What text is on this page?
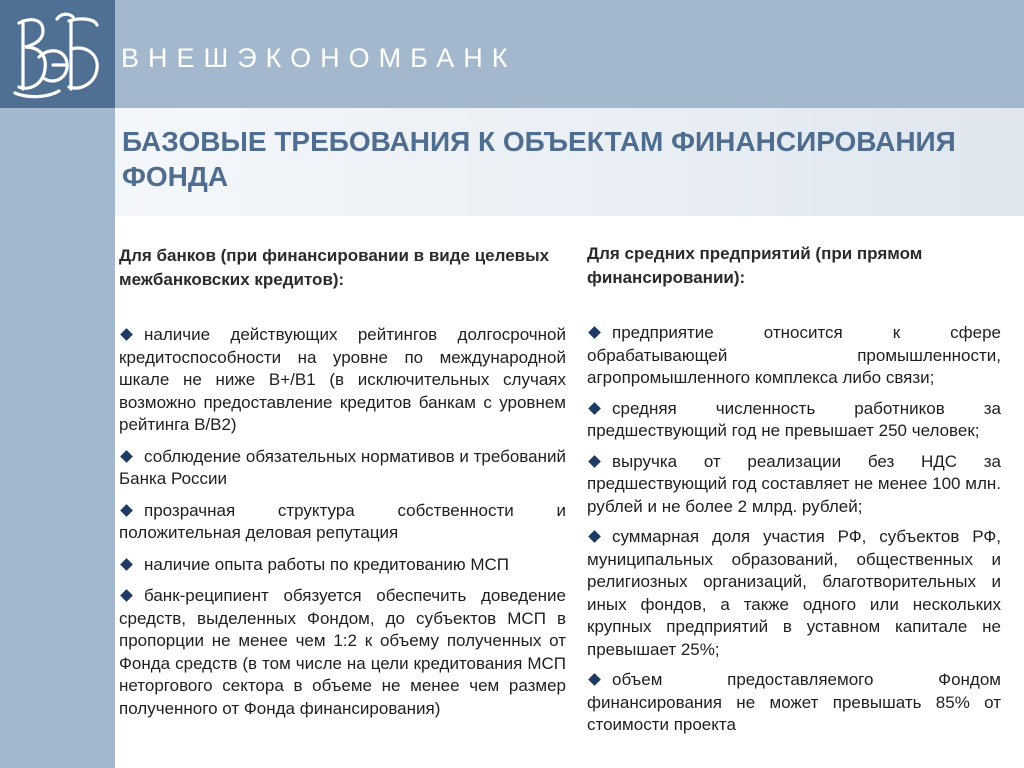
ВНЕШЭКОНОМБАНК
БАЗОВЫЕ ТРЕБОВАНИЯ К ОБЪЕКТАМ ФИНАНСИРОВАНИЯ ФОНДА
Для банков (при финансировании в виде целевых межбанковских кредитов):
наличие действующих рейтингов долгосрочной кредитоспособности на уровне по международной шкале не ниже B+/B1 (в исключительных случаях возможно предоставление кредитов банкам с уровнем рейтинга B/B2)
соблюдение обязательных нормативов и требований Банка России
прозрачная структура собственности и положительная деловая репутация
наличие опыта работы по кредитованию МСП
банк-реципиент обязуется обеспечить доведение средств, выделенных Фондом, до субъектов МСП в пропорции не менее чем 1:2 к объему полученных от Фонда средств (в том числе на цели кредитования МСП неторгового сектора в объеме не менее чем размер полученного от Фонда финансирования)
Для средних предприятий (при прямом финансировании):
предприятие относится к сфере обрабатывающей промышленности, агропромышленного комплекса либо связи;
средняя численность работников за предшествующий год не превышает 250 человек;
выручка от реализации без НДС за предшествующий год составляет не менее 100 млн. рублей и не более 2 млрд. рублей;
суммарная доля участия РФ, субъектов РФ, муниципальных образований, общественных и религиозных организаций, благотворительных и иных фондов, а также одного или нескольких крупных предприятий в уставном капитале не превышает 25%;
объем предоставляемого Фондом финансирования не может превышать 85% от стоимости проекта
